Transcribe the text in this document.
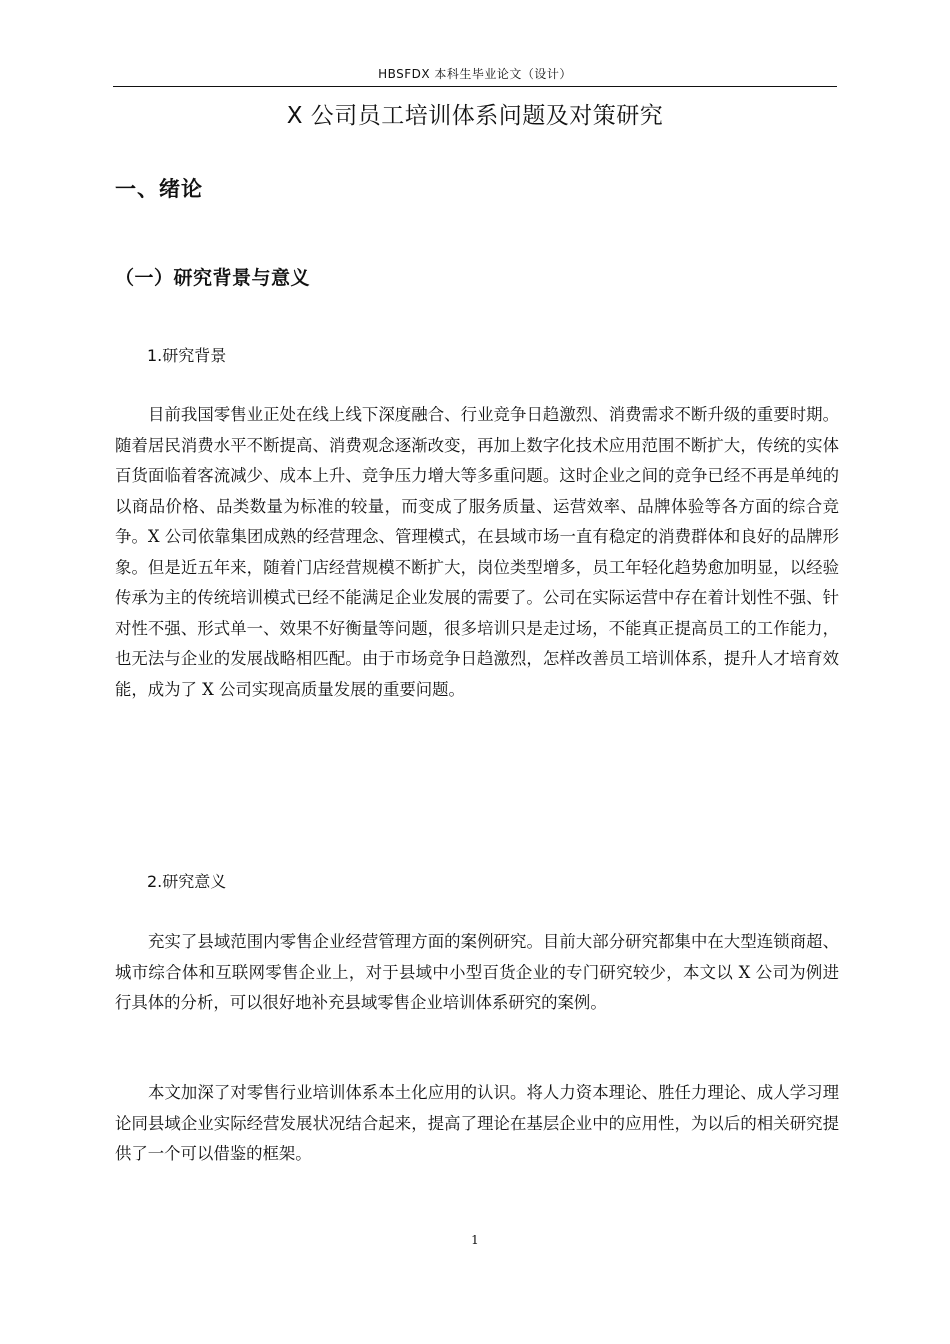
HBSFDX 本科生毕业论文（设计）
X 公司员工培训体系问题及对策研究
一、绪论
（一）研究背景与意义
1.研究背景

目前我国零售业正处在线上线下深度融合、行业竞争日趋激烈、消费需求不断升级的重要时期。随着居民消费水平不断提高、消费观念逐渐改变，再加上数字化技术应用范围不断扩大，传统的实体百货面临着客流减少、成本上升、竞争压力增大等多重问题。这时企业之间的竞争已经不再是单纯的以商品价格、品类数量为标准的较量，而变成了服务质量、运营效率、品牌体验等各方面的综合竞争。X 公司依靠集团成熟的经营理念、管理模式，在县域市场一直有稳定的消费群体和良好的品牌形象。但是近五年来，随着门店经营规模不断扩大，岗位类型增多，员工年轻化趋势愈加明显，以经验传承为主的传统培训模式已经不能满足企业发展的需要了。公司在实际运营中存在着计划性不强、针对性不强、形式单一、效果不好衡量等问题，很多培训只是走过场，不能真正提高员工的工作能力，也无法与企业的发展战略相匹配。由于市场竞争日趋激烈，怎样改善员工培训体系，提升人才培育效能，成为了 X 公司实现高质量发展的重要问题。

2.研究意义

充实了县域范围内零售企业经营管理方面的案例研究。目前大部分研究都集中在大型连锁商超、城市综合体和互联网零售企业上，对于县域中小型百货企业的专门研究较少，本文以 X 公司为例进行具体的分析，可以很好地补充县域零售企业培训体系研究的案例。

本文加深了对零售行业培训体系本土化应用的认识。将人力资本理论、胜任力理论、成人学习理论同县域企业实际经营发展状况结合起来，提高了理论在基层企业中的应用性，为以后的相关研究提供了一个可以借鉴的框架。

1
